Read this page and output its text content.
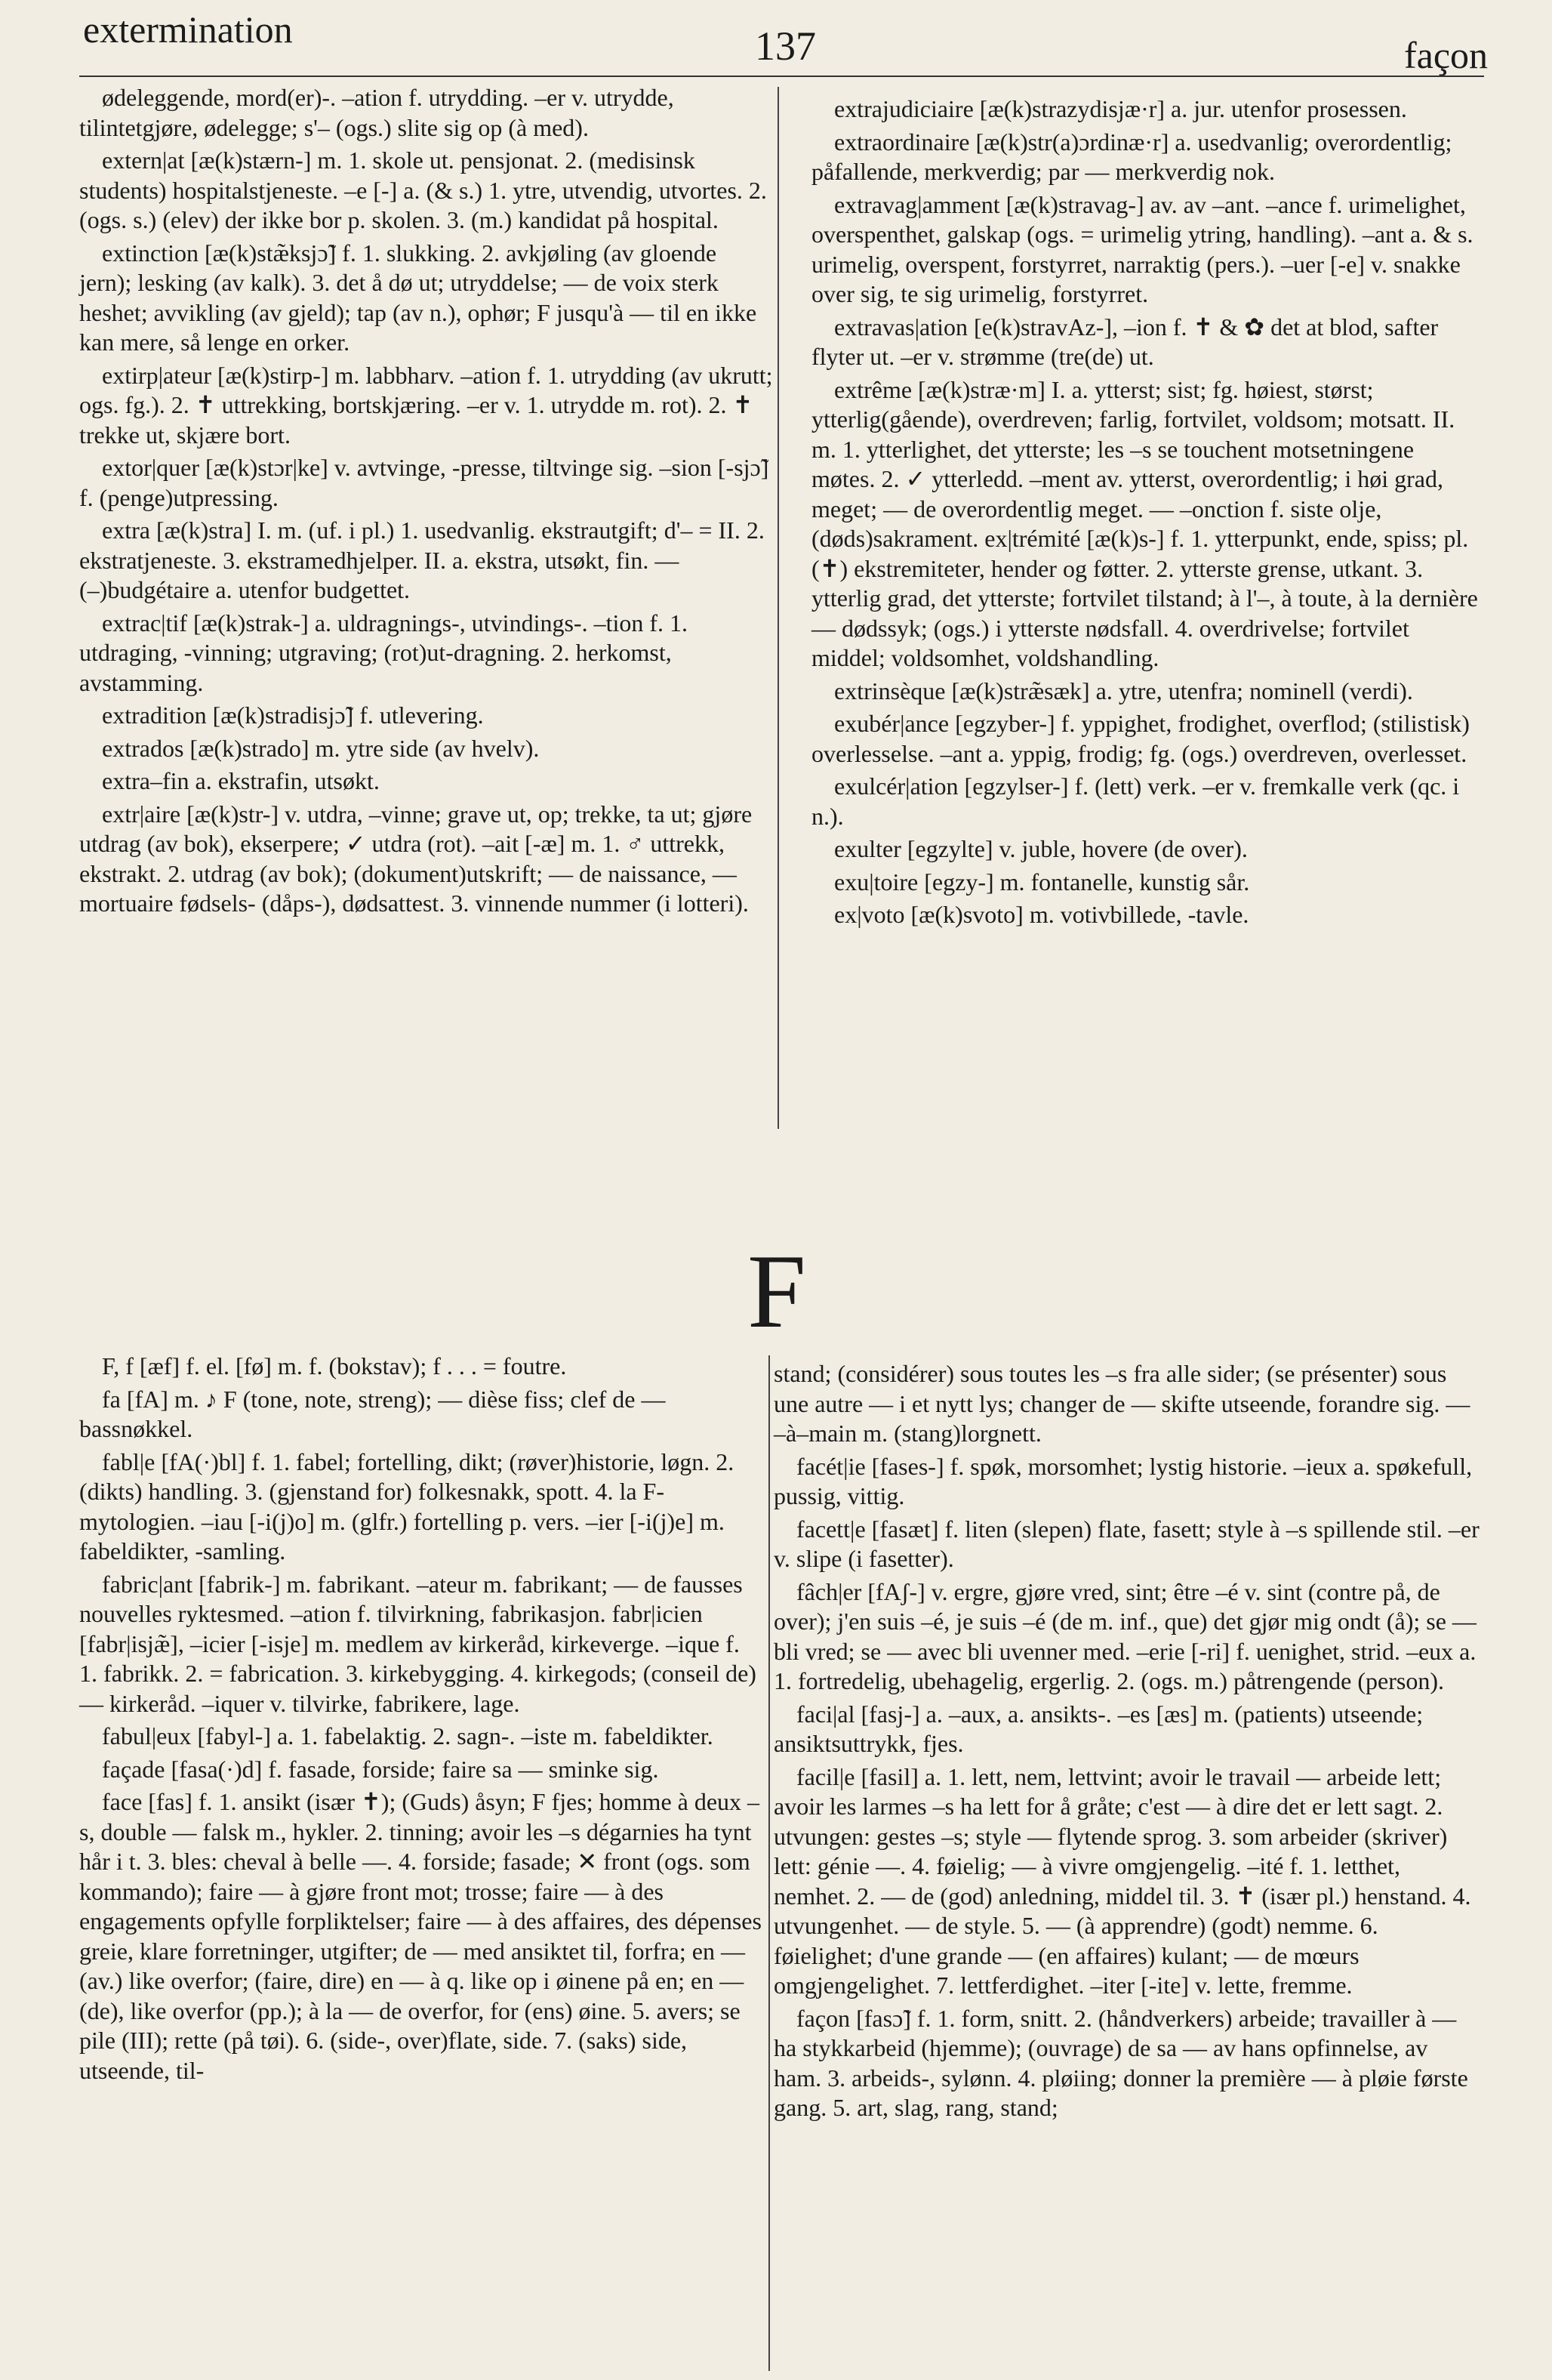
extermination	137	façon

ødeleggende, mord(er)-. –ation f. utrydding. –er v. utrydde, tilintetgjøre, ødelegge; s'– (ogs.) slite sig op (à med).

extern|at [æ(k)stærn-] m. 1. skole ut. pensjonat. 2. (medisinsk students) hospitalstjeneste. –e [-] a. (& s.) 1. ytre, utvendig, utvortes. 2. (ogs. s.) (elev) der ikke bor p. skolen. 3. (m.) kandidat på hospital.

extinction [æ(k)stæ̃ksjɔ̃] f. 1. slukking. 2. avkjøling (av gloende jern); lesking (av kalk). 3. det å dø ut; utryddelse; — de voix sterk heshet; avvikling (av gjeld); tap (av n.), ophør; F jusqu'à — til en ikke kan mere, så lenge en orker.

extirp|ateur [æ(k)stirp-] m. labbharv. –ation f. 1. utrydding (av ukrutt; ogs. fg.). 2. ✝ uttrekking, bortskjæring. –er v. 1. utrydde m. rot). 2. ✝ trekke ut, skjære bort.

extor|quer [æ(k)stɔr|ke] v. avtvinge, -presse, tiltvinge sig. –sion [-sjɔ̃] f. (penge)utpressing.

extra [æ(k)stra] I. m. (uf. i pl.) 1. usedvanlig. ekstrautgift; d'– = II. 2. ekstratjeneste. 3. ekstramedhjelper. II. a. ekstra, utsøkt, fin. — (–)budgétaire a. utenfor budgettet.

extrac|tif [æ(k)strak-] a. uldragnings-, utvindings-. –tion f. 1. utdraging, -vinning; utgraving; (rot)ut-dragning. 2. herkomst, avstamming.

extradition [æ(k)stradisjɔ̃] f. utlevering.

extrados [æ(k)strado] m. ytre side (av hvelv).

extra–fin a. ekstrafin, utsøkt.

extr|aire [æ(k)str-] v. utdra, –vinne; grave ut, op; trekke, ta ut; gjøre utdrag (av bok), ekserpere; ✓ utdra (rot). –ait [-æ] m. 1. ♂ uttrekk, ekstrakt. 2. utdrag (av bok); (dokument)utskrift; — de naissance, — mortuaire fødsels- (dåps-), dødsattest. 3. vinnende nummer (i lotteri).

extrajudiciaire [æ(k)strazydisjæ·r] a. jur. utenfor prosessen.

extraordinaire [æ(k)str(a)ɔrdinæ·r] a. usedvanlig; overordentlig; påfallende, merkverdig; par — merkverdig nok.

extravag|amment [æ(k)stravag-] av. av –ant. –ance f. urimelighet, overspenthet, galskap (ogs. = urimelig ytring, handling). –ant a. & s. urimelig, overspent, forstyrret, narraktig (pers.). –uer [-e] v. snakke over sig, te sig urimelig, forstyrret.

extravas|ation [e(k)stravAz-], –ion f. ✝ & ✿ det at blod, safter flyter ut. –er v. strømme (tre(de) ut.

extrême [æ(k)stræ·m] I. a. ytterst; sist; fg. høiest, størst; ytterlig(gående), overdreven; farlig, fortvilet, voldsom; motsatt. II. m. 1. ytterlighet, det ytterste; les –s se touchent motsetningene møtes. 2. ✓ ytterledd. –ment av. ytterst, overordentlig; i høi grad, meget; — de overordentlig meget. — –onction f. siste olje, (døds)sakrament. ex|trémité [æ(k)s-] f. 1. ytterpunkt, ende, spiss; pl. (✝) ekstremiteter, hender og føtter. 2. ytterste grense, utkant. 3. ytterlig grad, det ytterste; fortvilet tilstand; à l'–, à toute, à la dernière — dødssyk; (ogs.) i ytterste nødsfall. 4. overdrivelse; fortvilet middel; voldsomhet, voldshandling.

extrinsèque [æ(k)stræ̃sæk] a. ytre, utenfra; nominell (verdi).

exubér|ance [egzyber-] f. yppighet, frodighet, overflod; (stilistisk) overlesselse. –ant a. yppig, frodig; fg. (ogs.) overdreven, overlesset.

exulcér|ation [egzylser-] f. (lett) verk. –er v. fremkalle verk (qc. i n.).

exulter [egzylte] v. juble, hovere (de over).

exu|toire [egzy-] m. fontanelle, kunstig sår.

ex|voto [æ(k)svoto] m. votivbillede, -tavle.

F

F, f [æf] f. el. [fø] m. f. (bokstav); f . . . = foutre.

fa [fA] m. ♪ F (tone, note, streng); — dièse fiss; clef de — bassnøkkel.

fabl|e [fA(·)bl] f. 1. fabel; fortelling, dikt; (røver)historie, løgn. 2. (dikts) handling. 3. (gjenstand for) folkesnakk, spott. 4. la F-mytologien. –iau [-i(j)o] m. (glfr.) fortelling p. vers. –ier [-i(j)e] m. fabeldikter, -samling.

fabric|ant [fabrik-] m. fabrikant. –ateur m. fabrikant; — de fausses nouvelles ryktesmed. –ation f. tilvirkning, fabrikasjon. fabr|icien [fabr|isjæ̃], –icier [-isje] m. medlem av kirkeråd, kirkeverge. –ique f. 1. fabrikk. 2. = fabrication. 3. kirkebygging. 4. kirkegods; (conseil de) — kirkeråd. –iquer v. tilvirke, fabrikere, lage.

fabul|eux [fabyl-] a. 1. fabelaktig. 2. sagn-. –iste m. fabeldikter.

façade [fasa(·)d] f. fasade, forside; faire sa — sminke sig.

face [fas] f. 1. ansikt (især ✝); (Guds) åsyn; F fjes; homme à deux –s, double — falsk m., hykler. 2. tinning; avoir les –s dégarnies ha tynt hår i t. 3. bles: cheval à belle —. 4. forside; fasade; ✕ front (ogs. som kommando); faire — à gjøre front mot; trosse; faire — à des engagements opfylle forpliktelser; faire — à des affaires, des dépenses greie, klare forretninger, utgifter; de — med ansiktet til, forfra; en — (av.) like overfor; (faire, dire) en — à q. like op i øinene på en; en — (de), like overfor (pp.); à la — de overfor, for (ens) øine. 5. avers; se pile (III); rette (på tøi). 6. (side-, over)flate, side. 7. (saks) side, utseende, til-

stand; (considérer) sous toutes les –s fra alle sider; (se présenter) sous une autre — i et nytt lys; changer de — skifte utseende, forandre sig. — –à–main m. (stang)lorgnett.

facét|ie [fases-] f. spøk, morsomhet; lystig historie. –ieux a. spøkefull, pussig, vittig.

facett|e [fasæt] f. liten (slepen) flate, fasett; style à –s spillende stil. –er v. slipe (i fasetter).

fâch|er [fAʃ-] v. ergre, gjøre vred, sint; être –é v. sint (contre på, de over); j'en suis –é, je suis –é (de m. inf., que) det gjør mig ondt (å); se — bli vred; se — avec bli uvenner med. –erie [-ri] f. uenighet, strid. –eux a. 1. fortredelig, ubehagelig, ergerlig. 2. (ogs. m.) påtrengende (person).

faci|al [fasj-] a. –aux, a. ansikts-. –es [æs] m. (patients) utseende; ansiktsuttrykk, fjes.

facil|e [fasil] a. 1. lett, nem, lettvint; avoir le travail — arbeide lett; avoir les larmes –s ha lett for å gråte; c'est — à dire det er lett sagt. 2. utvungen: gestes –s; style — flytende sprog. 3. som arbeider (skriver) lett: génie —. 4. føielig; — à vivre omgjengelig. –ité f. 1. letthet, nemhet. 2. — de (god) anledning, middel til. 3. ✝ (især pl.) henstand. 4. utvungenhet. — de style. 5. — (à apprendre) (godt) nemme. 6. føielighet; d'une grande — (en affaires) kulant; — de mœurs omgjengelighet. 7. lettferdighet. –iter [-ite] v. lette, fremme.

façon [fasɔ̃] f. 1. form, snitt. 2. (håndverkers) arbeide; travailler à — ha stykkarbeid (hjemme); (ouvrage) de sa — av hans opfinnelse, av ham. 3. arbeids-, sylønn. 4. pløiing; donner la première — à pløie første gang. 5. art, slag, rang, stand;
